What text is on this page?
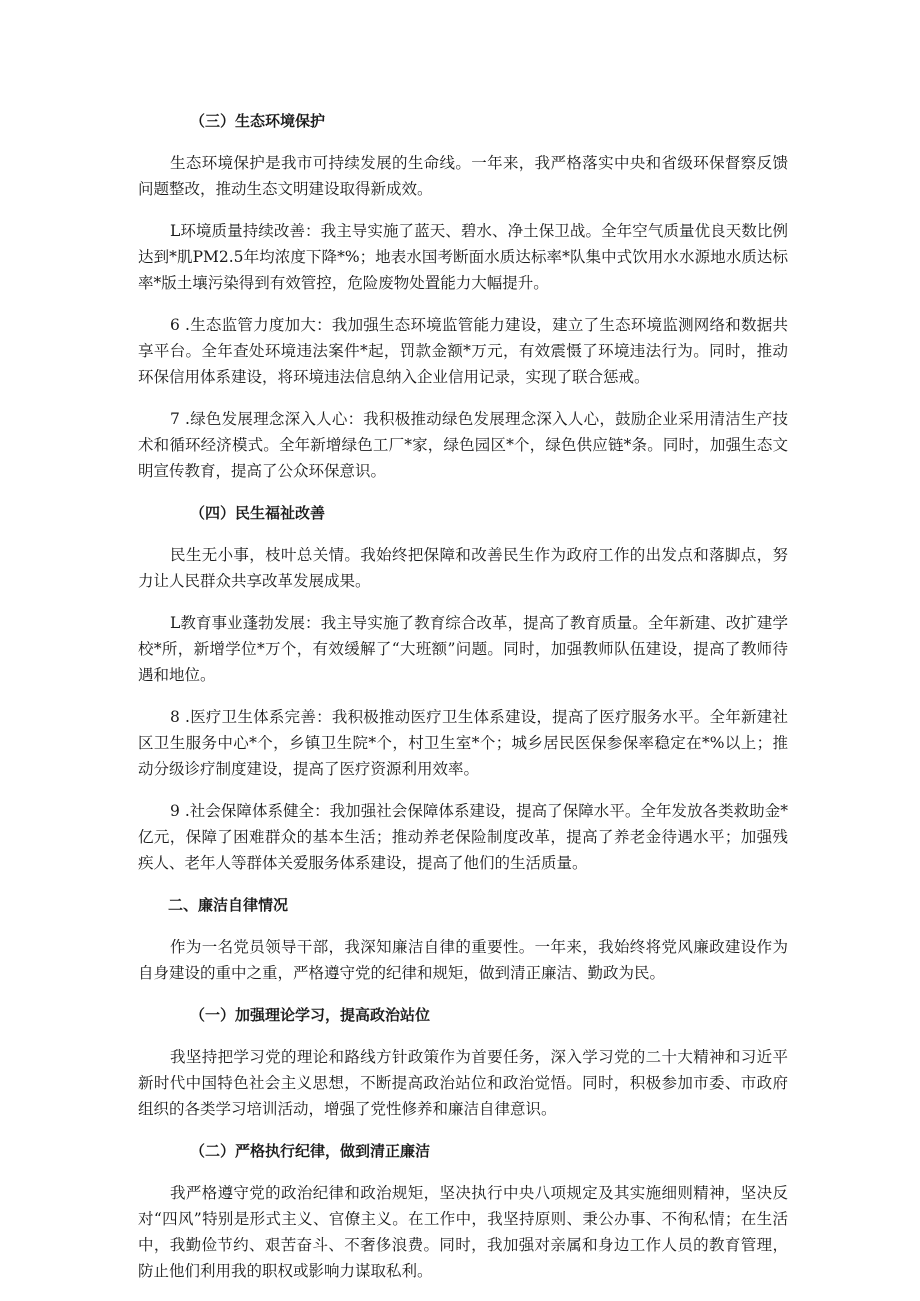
（三）生态环境保护

生态环境保护是我市可持续发展的生命线。一年来，我严格落实中央和省级环保督察反馈问题整改，推动生态文明建设取得新成效。

L环境质量持续改善：我主导实施了蓝天、碧水、净土保卫战。全年空气质量优良天数比例达到*肌PM2.5年均浓度下降*%；地表水国考断面水质达标率*队集中式饮用水水源地水质达标率*版土壤污染得到有效管控，危险废物处置能力大幅提升。

6 .生态监管力度加大：我加强生态环境监管能力建设，建立了生态环境监测网络和数据共享平台。全年查处环境违法案件*起，罚款金额*万元，有效震慑了环境违法行为。同时，推动环保信用体系建设，将环境违法信息纳入企业信用记录，实现了联合惩戒。

7 .绿色发展理念深入人心：我积极推动绿色发展理念深入人心，鼓励企业采用清洁生产技术和循环经济模式。全年新增绿色工厂*家，绿色园区*个，绿色供应链*条。同时，加强生态文明宣传教育，提高了公众环保意识。

（四）民生福祉改善

民生无小事，枝叶总关情。我始终把保障和改善民生作为政府工作的出发点和落脚点，努力让人民群众共享改革发展成果。

L教育事业蓬勃发展：我主导实施了教育综合改革，提高了教育质量。全年新建、改扩建学校*所，新增学位*万个，有效缓解了“大班额”问题。同时，加强教师队伍建设，提高了教师待遇和地位。

8 .医疗卫生体系完善：我积极推动医疗卫生体系建设，提高了医疗服务水平。全年新建社区卫生服务中心*个，乡镇卫生院*个，村卫生室*个；城乡居民医保参保率稳定在*%以上；推动分级诊疗制度建设，提高了医疗资源利用效率。

9 .社会保障体系健全：我加强社会保障体系建设，提高了保障水平。全年发放各类救助金*亿元，保障了困难群众的基本生活；推动养老保险制度改革，提高了养老金待遇水平；加强残疾人、老年人等群体关爱服务体系建设，提高了他们的生活质量。

二、廉洁自律情况

作为一名党员领导干部，我深知廉洁自律的重要性。一年来，我始终将党风廉政建设作为自身建设的重中之重，严格遵守党的纪律和规矩，做到清正廉洁、勤政为民。

（一）加强理论学习，提高政治站位

我坚持把学习党的理论和路线方针政策作为首要任务，深入学习党的二十大精神和习近平新时代中国特色社会主义思想，不断提高政治站位和政治觉悟。同时，积极参加市委、市政府组织的各类学习培训活动，增强了党性修养和廉洁自律意识。

（二）严格执行纪律，做到清正廉洁

我严格遵守党的政治纪律和政治规矩，坚决执行中央八项规定及其实施细则精神，坚决反对“四风”特别是形式主义、官僚主义。在工作中，我坚持原则、秉公办事、不徇私情；在生活中，我勤俭节约、艰苦奋斗、不奢侈浪费。同时，我加强对亲属和身边工作人员的教育管理，防止他们利用我的职权或影响力谋取私利。
